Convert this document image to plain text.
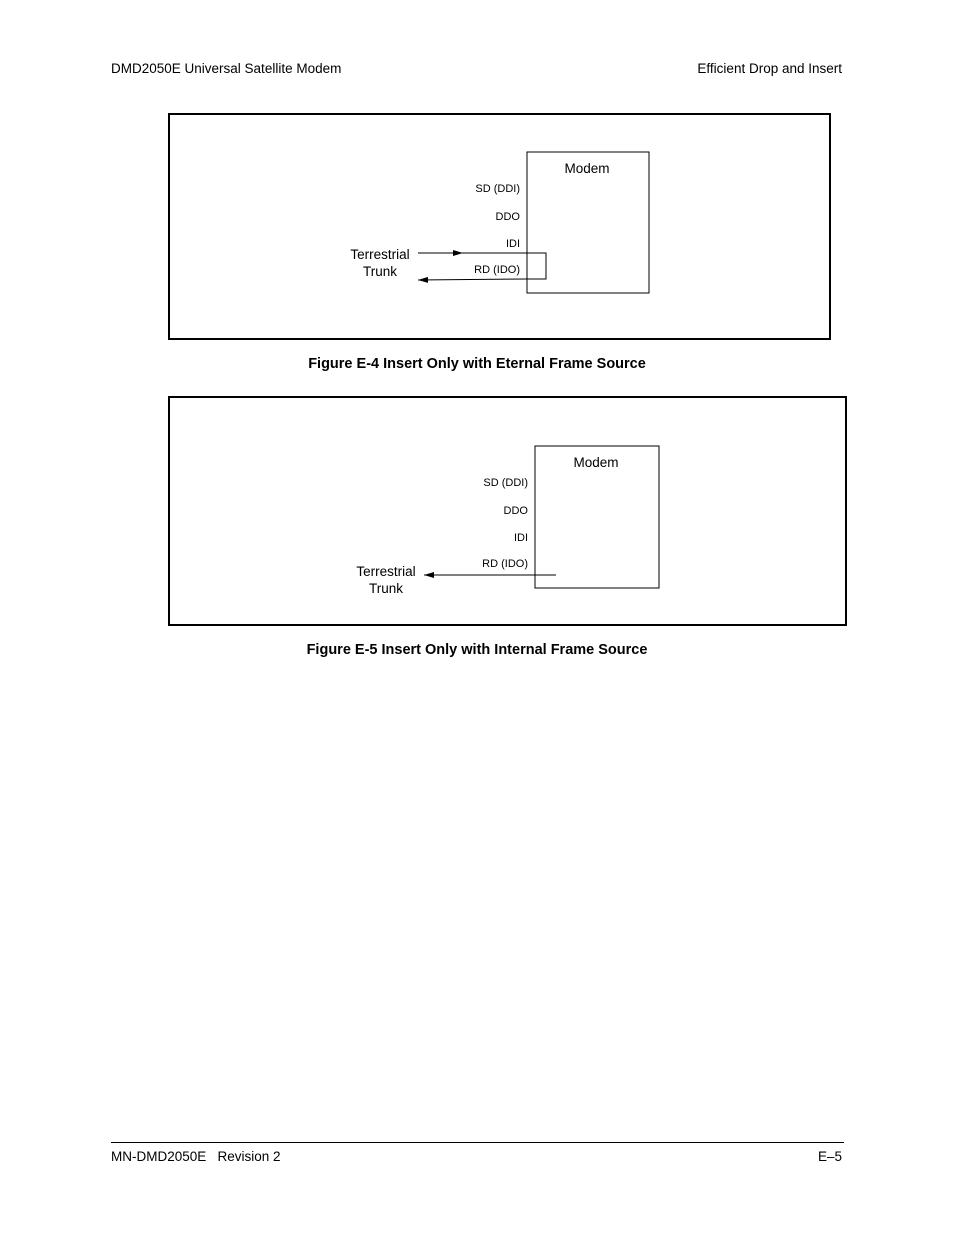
DMD2050E Universal Satellite Modem	Efficient Drop and Insert
Modem
SD (DDI)
DDO
IDI
RD (IDO)
Terrestrial
Trunk
Figure E-4 Insert Only with Eternal Frame Source
Modem
SD (DDI)
DDO
IDI
RD (IDO)
Terrestrial
Trunk
Figure E-5 Insert Only with Internal Frame Source
MN-DMD2050E   Revision 2	E–5
